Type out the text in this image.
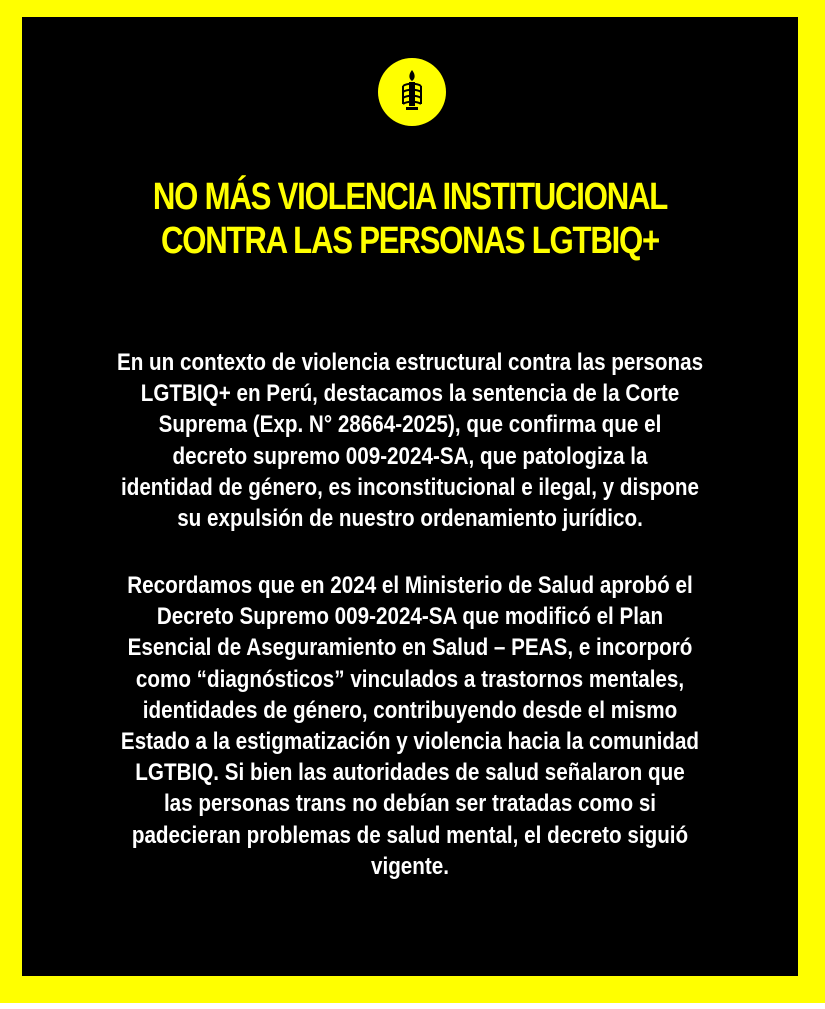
NO MÁS VIOLENCIA INSTITUCIONAL
CONTRA LAS PERSONAS LGTBIQ+
En un contexto de violencia estructural contra las personas
LGTBIQ+ en Perú, destacamos la sentencia de la Corte
Suprema (Exp. N° 28664-2025), que confirma que el
decreto supremo 009-2024-SA, que patologiza la
identidad de género, es inconstitucional e ilegal, y dispone
su expulsión de nuestro ordenamiento jurídico.
Recordamos que en 2024 el Ministerio de Salud aprobó el
Decreto Supremo 009-2024-SA que modificó el Plan
Esencial de Aseguramiento en Salud – PEAS, e incorporó
como “diagnósticos” vinculados a trastornos mentales,
identidades de género, contribuyendo desde el mismo
Estado a la estigmatización y violencia hacia la comunidad
LGTBIQ. Si bien las autoridades de salud señalaron que
las personas trans no debían ser tratadas como si
padecieran problemas de salud mental, el decreto siguió
vigente.
